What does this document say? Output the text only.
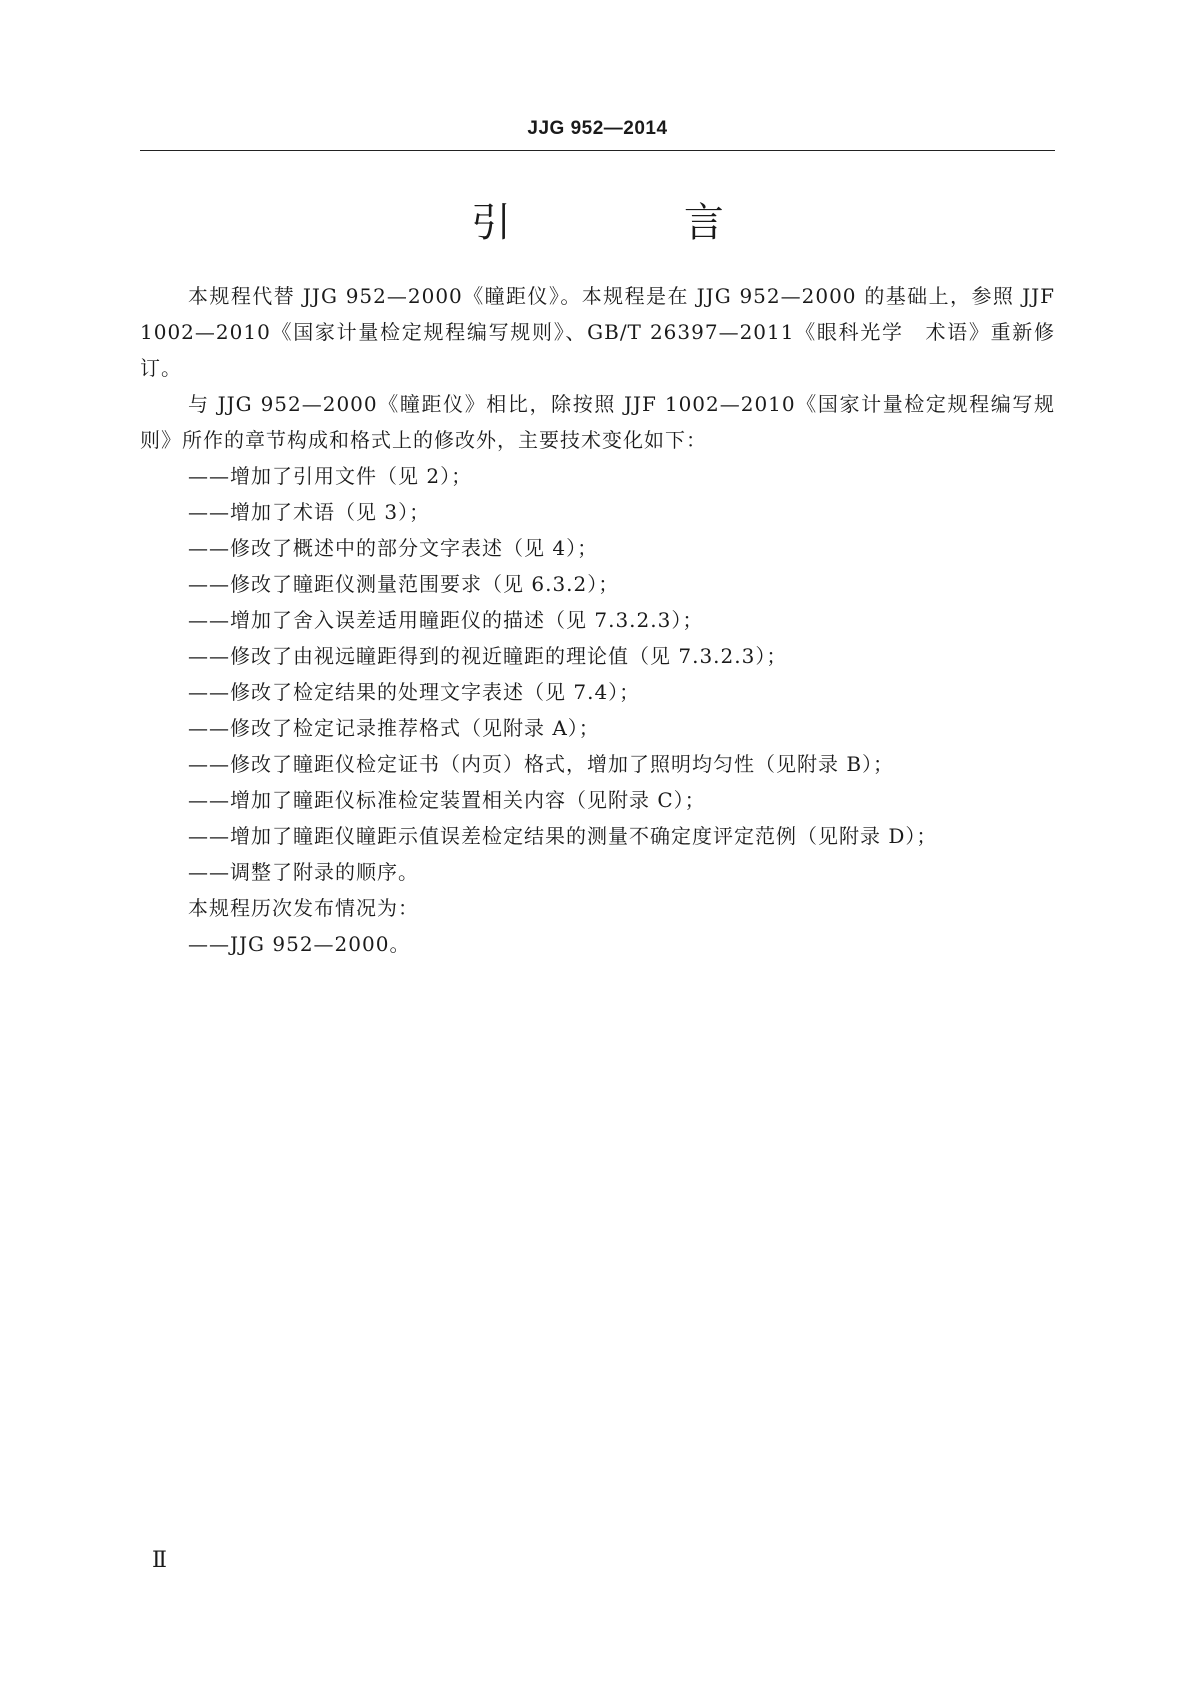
JJG 952—2014
引 言

本规程代替 JJG 952—2000《瞳距仪》。本规程是在 JJG 952—2000 的基础上，参照 JJF 1002—2010《国家计量检定规程编写规则》、GB/T 26397—2011《眼科光学　术语》重新修订。

与 JJG 952—2000《瞳距仪》相比，除按照 JJF 1002—2010《国家计量检定规程编写规则》所作的章节构成和格式上的修改外，主要技术变化如下：

——增加了引用文件（见 2）；
——增加了术语（见 3）；
——修改了概述中的部分文字表述（见 4）；
——修改了瞳距仪测量范围要求（见 6.3.2）；
——增加了舍入误差适用瞳距仪的描述（见 7.3.2.3）；
——修改了由视远瞳距得到的视近瞳距的理论值（见 7.3.2.3）；
——修改了检定结果的处理文字表述（见 7.4）；
——修改了检定记录推荐格式（见附录 A）；
——修改了瞳距仪检定证书（内页）格式，增加了照明均匀性（见附录 B）；
——增加了瞳距仪标准检定装置相关内容（见附录 C）；
——增加了瞳距仪瞳距示值误差检定结果的测量不确定度评定范例（见附录 D）；
——调整了附录的顺序。

本规程历次发布情况为：

——JJG 952—2000。
Ⅱ
